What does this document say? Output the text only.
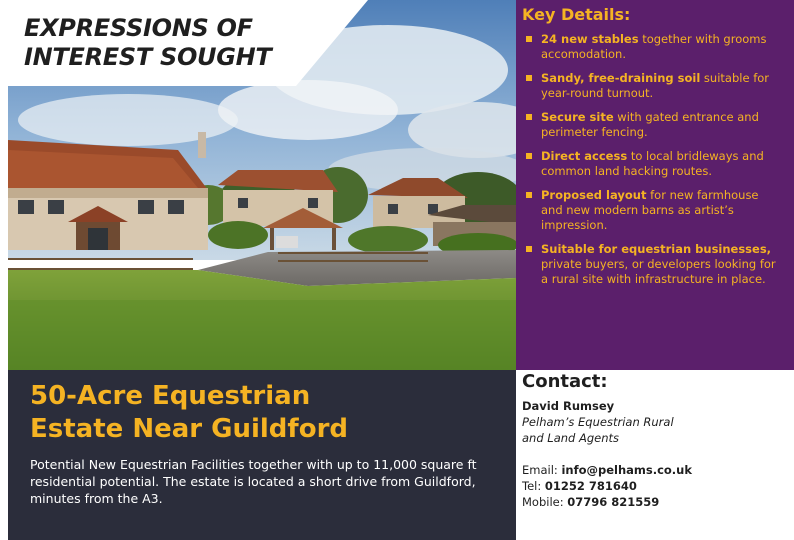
EXPRESSIONS OF
INTEREST SOUGHT
Key Details:
24 new stables together with grooms accomodation.
Sandy, free-draining soil suitable for year-round turnout.
Secure site with gated entrance and perimeter fencing.
Direct access to local bridleways and common land hacking routes.
Proposed layout for new farmhouse and new modern barns as artist’s impression.
Suitable for equestrian businesses, private buyers, or developers looking for a rural site with infrastructure in place.
50-Acre Equestrian
Estate Near Guildford

Potential New Equestrian Facilities together with up to 11,000 square ft residential potential. The estate is located a short drive from Guildford, minutes from the A3.

Contact:
David Rumsey
Pelham’s Equestrian Rural
and Land Agents
Email: info@pelhams.co.uk
Tel: 01252 781640
Mobile: 07796 821559
